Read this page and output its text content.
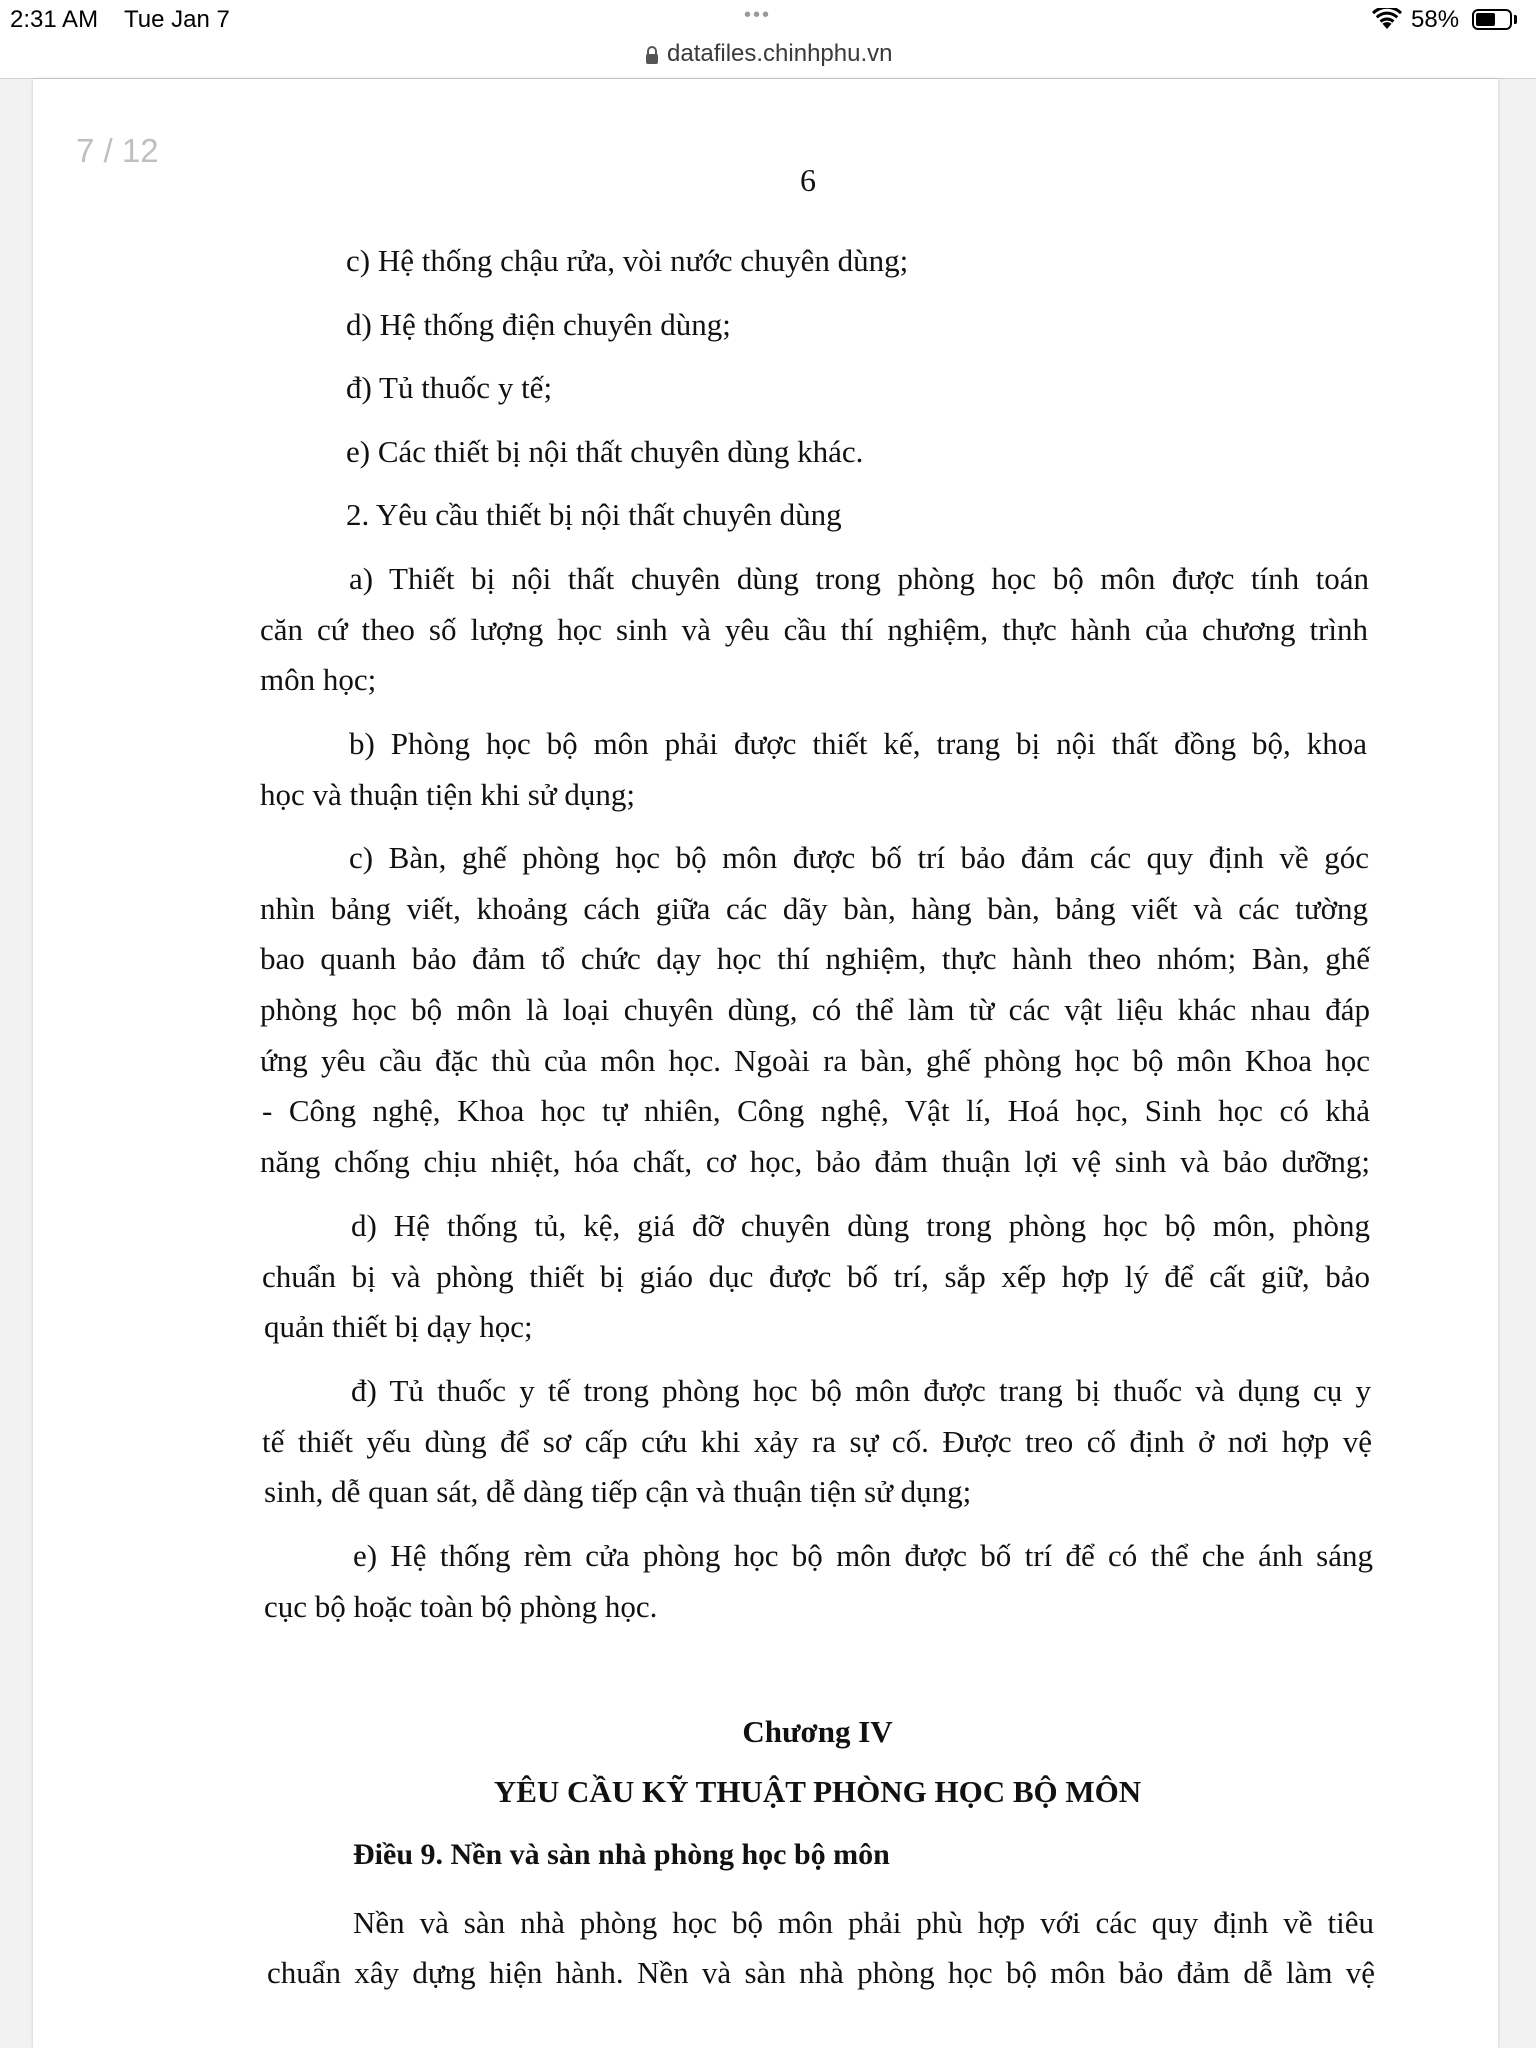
2:31 AM Tue Jan 7	•••	58%
datafiles.chinhphu.vn
7 / 12
6
c) Hệ thống chậu rửa, vòi nước chuyên dùng;
d) Hệ thống điện chuyên dùng;
đ) Tủ thuốc y tế;
e) Các thiết bị nội thất chuyên dùng khác.
2. Yêu cầu thiết bị nội thất chuyên dùng
a) Thiết bị nội thất chuyên dùng trong phòng học bộ môn được tính toán
căn cứ theo số lượng học sinh và yêu cầu thí nghiệm, thực hành của chương trình
môn học;
b) Phòng học bộ môn phải được thiết kế, trang bị nội thất đồng bộ, khoa
học và thuận tiện khi sử dụng;
c) Bàn, ghế phòng học bộ môn được bố trí bảo đảm các quy định về góc
nhìn bảng viết, khoảng cách giữa các dãy bàn, hàng bàn, bảng viết và các tường
bao quanh bảo đảm tổ chức dạy học thí nghiệm, thực hành theo nhóm; Bàn, ghế
phòng học bộ môn là loại chuyên dùng, có thể làm từ các vật liệu khác nhau đáp
ứng yêu cầu đặc thù của môn học. Ngoài ra bàn, ghế phòng học bộ môn Khoa học
- Công nghệ, Khoa học tự nhiên, Công nghệ, Vật lí, Hoá học, Sinh học có khả
năng chống chịu nhiệt, hóa chất, cơ học, bảo đảm thuận lợi vệ sinh và bảo dưỡng;
d) Hệ thống tủ, kệ, giá đỡ chuyên dùng trong phòng học bộ môn, phòng
chuẩn bị và phòng thiết bị giáo dục được bố trí, sắp xếp hợp lý để cất giữ, bảo
quản thiết bị dạy học;
đ) Tủ thuốc y tế trong phòng học bộ môn được trang bị thuốc và dụng cụ y
tế thiết yếu dùng để sơ cấp cứu khi xảy ra sự cố. Được treo cố định ở nơi hợp vệ
sinh, dễ quan sát, dễ dàng tiếp cận và thuận tiện sử dụng;
e) Hệ thống rèm cửa phòng học bộ môn được bố trí để có thể che ánh sáng
cục bộ hoặc toàn bộ phòng học.
Chương IV
YÊU CẦU KỸ THUẬT PHÒNG HỌC BỘ MÔN
Điều 9. Nền và sàn nhà phòng học bộ môn
Nền và sàn nhà phòng học bộ môn phải phù hợp với các quy định về tiêu
chuẩn xây dựng hiện hành. Nền và sàn nhà phòng học bộ môn bảo đảm dễ làm vệ
